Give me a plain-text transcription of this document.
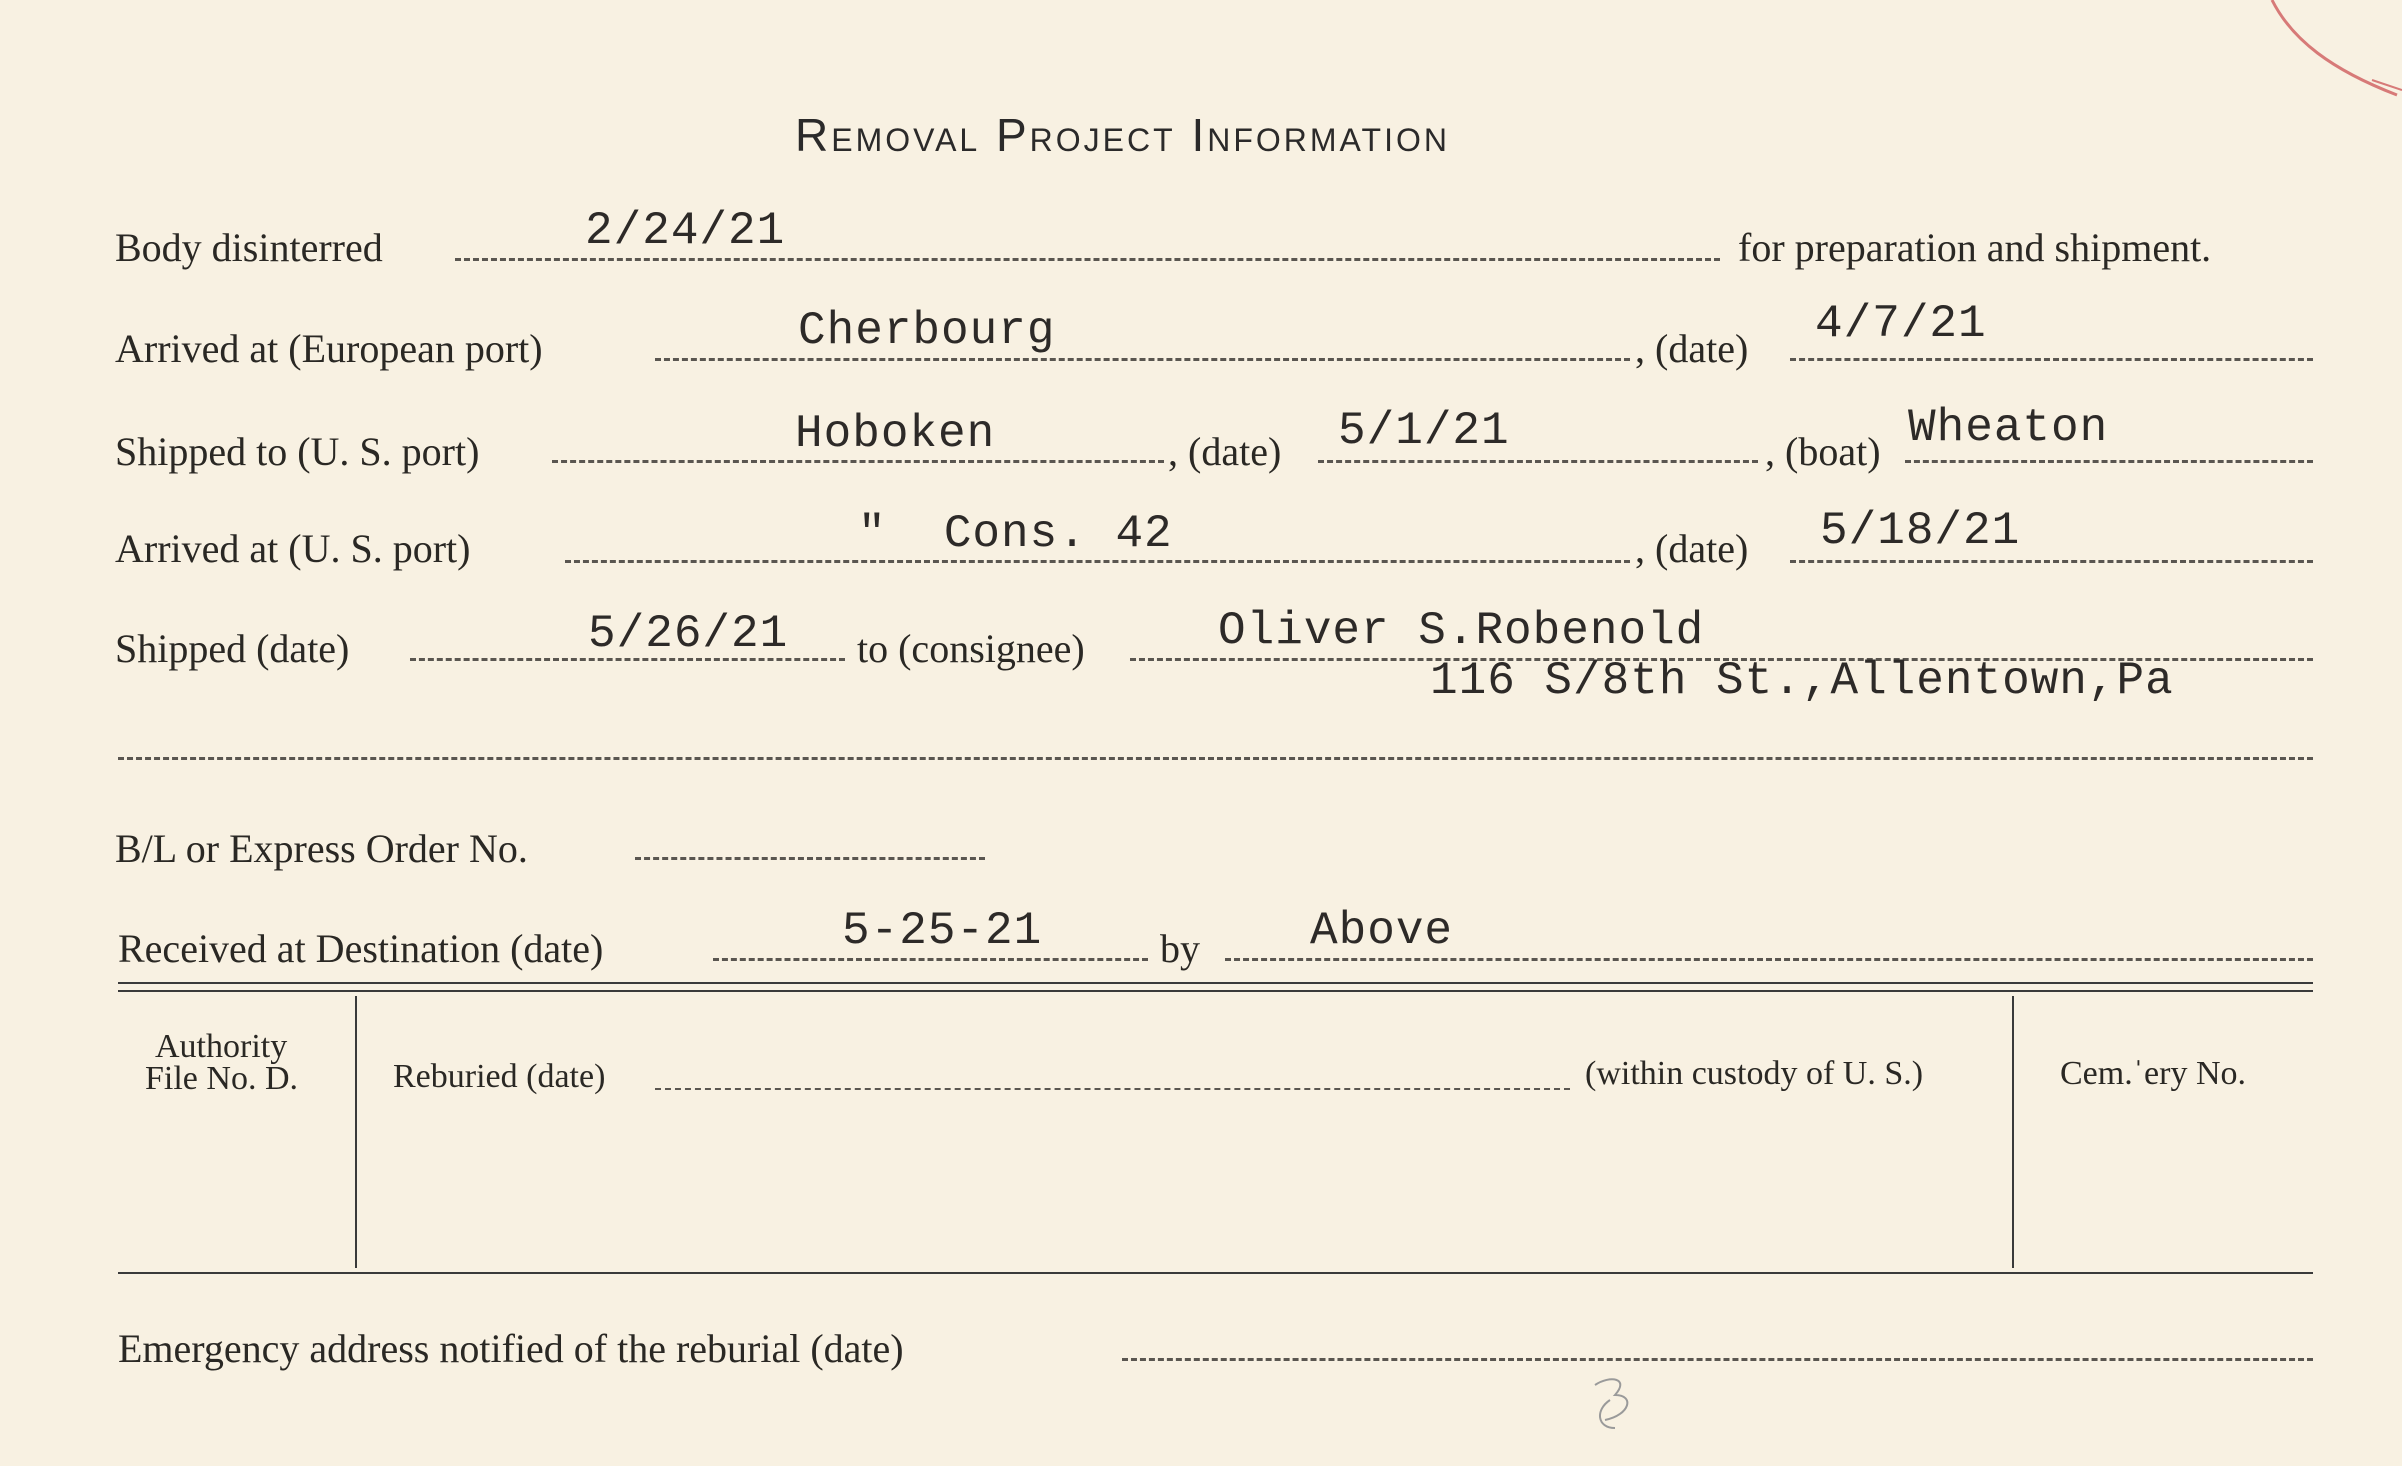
Removal Project Information
Body disinterred	2/24/21	for preparation and shipment.
Arrived at (European port)	Cherbourg	, (date) 4/7/21
Shipped to (U. S. port)	Hoboken	, (date) 5/1/21	, (boat) Wheaton
Arrived at (U. S. port)	"  Cons. 42	, (date) 5/18/21
Shipped (date)	5/26/21 to (consignee)	Oliver S.Robenold
116 S/8th St.,Allentown,Pa
B/L or Express Order No.
Received at Destination (date)	5-25-21	by Above
Authority
File No. D.	Reburied (date)	(within custody of U. S.)	Cem.ˈery No.
Emergency address notified of the reburial (date)
